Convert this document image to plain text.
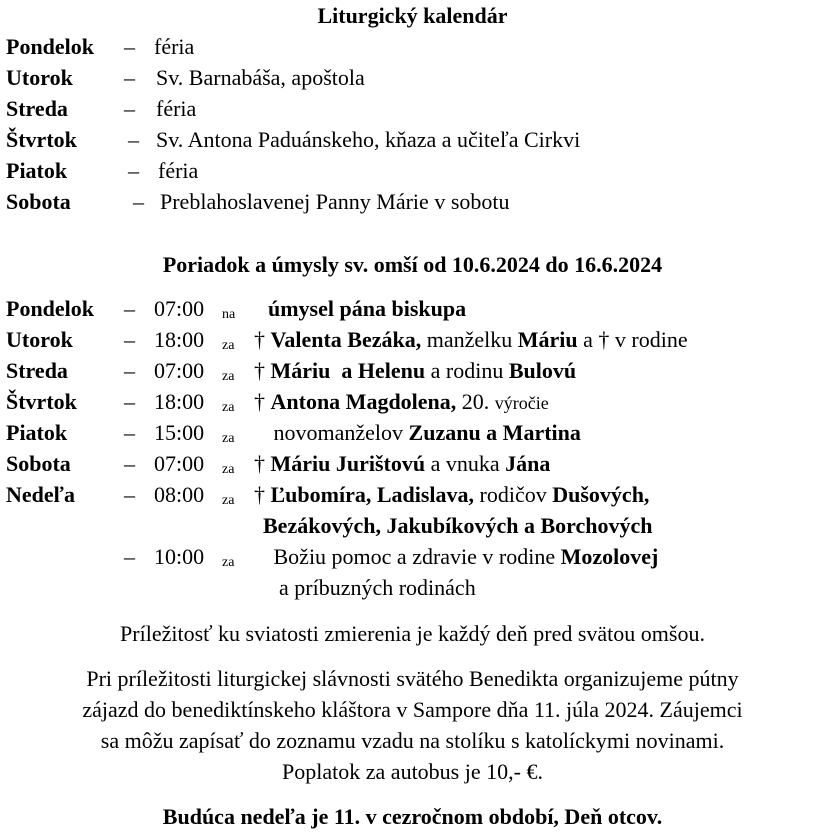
Liturgický kalendár
Pondelok – féria
Utorok – Sv. Barnabáša, apoštola
Streda	– féria
Štvrtok – Sv. Antona Paduánskeho, kňaza a učiteľa Cirkvi
Piatok	– féria
Sobota	– Preblahoslavenej Panny Márie v sobotu
Poriadok a úmysly sv. omší od 10.6.2024 do 16.6.2024
Pondelok – 07:00 na úmysel pána biskupa
Utorok – 18:00 za † Valenta Bezáka, manželku Máriu a † v rodine
Streda	– 07:00 za † Máriu  a Helenu a rodinu Bulovú
Štvrtok – 18:00 za † Antona Magdolena, 20. výročie
Piatok	– 15:00 za novomanželov Zuzanu a Martina
Sobota – 07:00 za † Máriu Jurištovú a vnuka Jána
Nedeľa – 08:00 za † Ľubomíra, Ladislava, rodičov Dušových,
Bezákových, Jakubíkových a Borchových
– 10:00 za Božiu pomoc a zdravie v rodine Mozolovej
a príbuzných rodinách
Príležitosť ku sviatosti zmierenia je každý deň pred svätou omšou.
Pri príležitosti liturgickej slávnosti svätého Benedikta organizujeme pútny
zájazd do benediktínskeho kláštora v Sampore dňa 11. júla 2024. Záujemci
sa môžu zapísať do zoznamu vzadu na stolíku s katolíckymi novinami.
Poplatok za autobus je 10,- €.
Budúca nedeľa je 11. v cezročnom období, Deň otcov.
